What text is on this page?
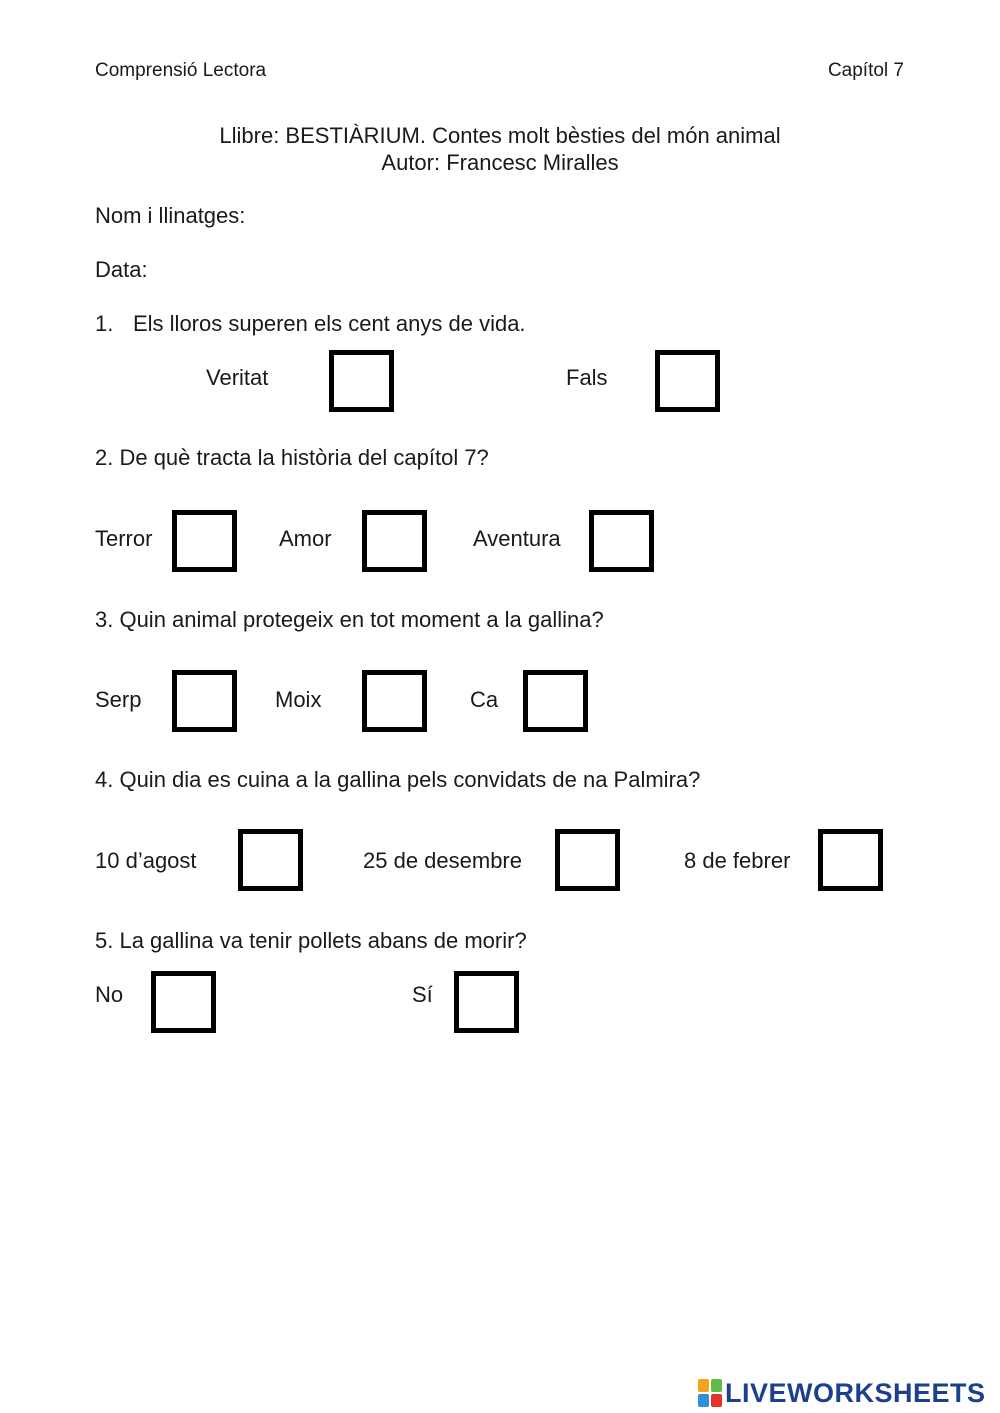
Comprensió Lectora	Capítol 7
Llibre: BESTIÀRIUM. Contes molt bèsties del món animal
Autor: Francesc Miralles
Nom i llinatges:
Data:
1. Els lloros superen els cent anys de vida.
Veritat	Fals
2. De què tracta la història del capítol 7?
Terror	Amor	Aventura
3. Quin animal protegeix en tot moment a la gallina?
Serp	Moix	Ca
4. Quin dia es cuina a la gallina pels convidats de na Palmira?
10 d’agost	25 de desembre	8 de febrer
5. La gallina va tenir pollets abans de morir?
No	Sí
LIVEWORKSHEETS
